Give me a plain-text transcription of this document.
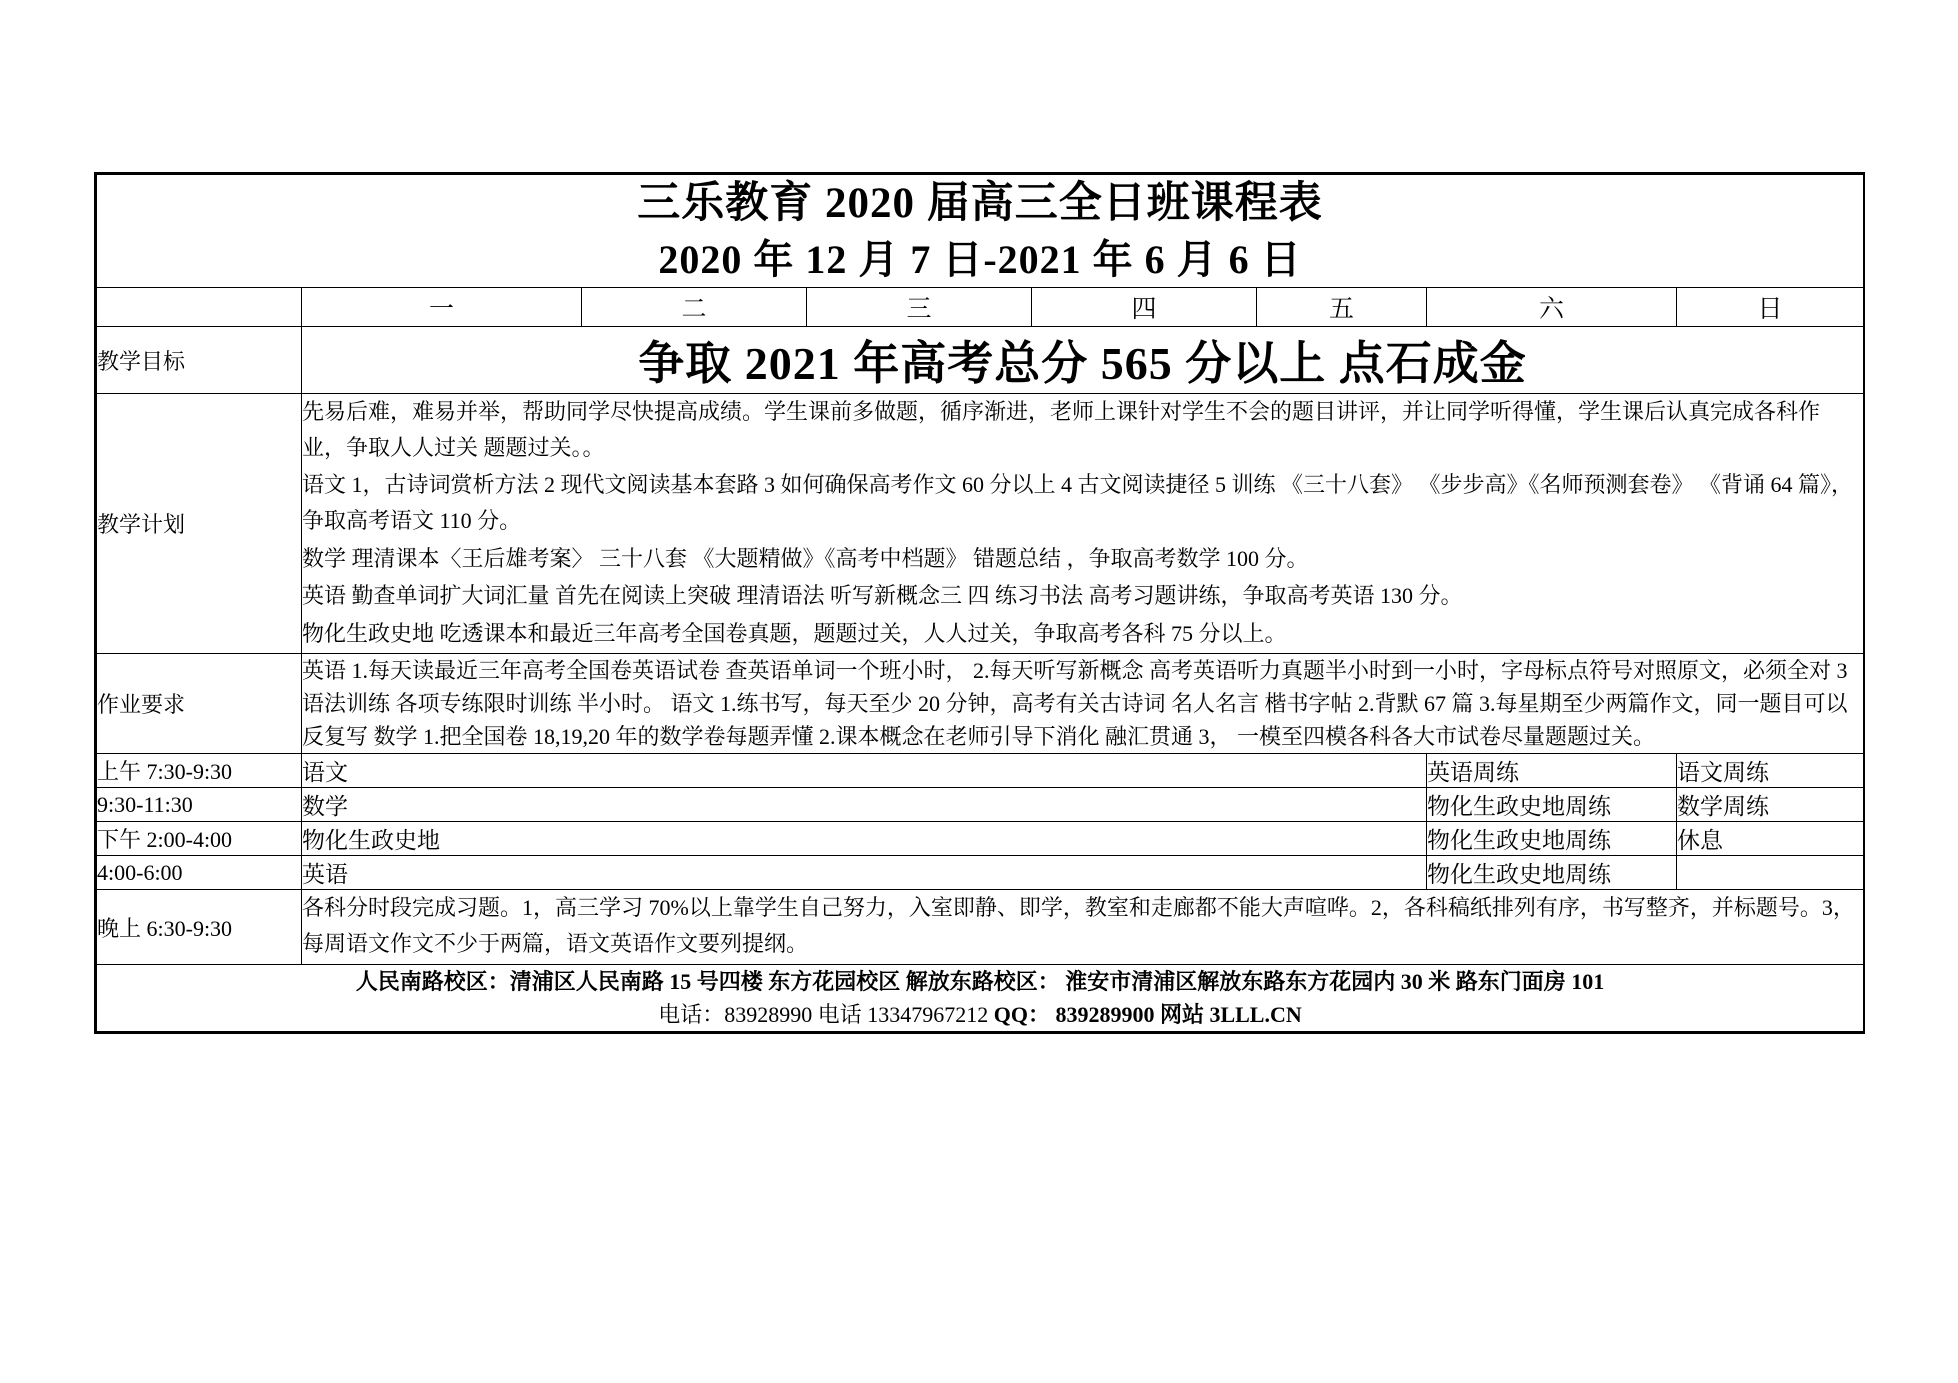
三乐教育 2020 届高三全日班课程表
2020 年 12 月 7 日-2021 年 6 月 6 日							

	一	二	三	四	五	六	日
教学目标	争取 2021 年高考总分 565 分以上 点石成金						

教学计划	先易后难，难易并举，帮助同学尽快提高成绩。学生课前多做题，循序渐进，老师上课针对学生不会的题目讲评，并让同学听得懂，学生课后认真完成各科作业，争取人人过关 题题过关。。

语文 1，古诗词赏析方法 2 现代文阅读基本套路 3 如何确保高考作文 60 分以上 4 古文阅读捷径 5 训练 《三十八套》 《步步高》《名师预测套卷》 《背诵 64 篇》，争取高考语文 110 分。

数学 理清课本〈王后雄考案〉 三十八套 《大题精做》《高考中档题》 错题总结 ，争取高考数学 100 分。

英语 勤查单词扩大词汇量 首先在阅读上突破 理清语法 听写新概念三 四 练习书法 高考习题讲练，争取高考英语 130 分。

物化生政史地 吃透课本和最近三年高考全国卷真题，题题过关，人人过关，争取高考各科 75 分以上。						

作业要求	英语 1.每天读最近三年高考全国卷英语试卷 查英语单词一个班小时， 2.每天听写新概念 高考英语听力真题半小时到一小时，字母标点符号对照原文，必须全对 3 语法训练 各项专练限时训练 半小时。 语文 1.练书写，每天至少 20 分钟，高考有关古诗词 名人名言 楷书字帖 2.背默 67 篇 3.每星期至少两篇作文，同一题目可以反复写 数学 1.把全国卷 18,19,20 年的数学卷每题弄懂 2.课本概念在老师引导下消化 融汇贯通 3， 一模至四模各科各大市试卷尽量题题过关。						

上午 7:30-9:30	语文					英语周练	语文周练
9:30-11:30	数学					物化生政史地周练	数学周练
下午 2:00-4:00	物化生政史地					物化生政史地周练	休息
4:00-6:00	英语					物化生政史地周练	
晚上 6:30-9:30	各科分时段完成习题。1，高三学习 70%以上靠学生自己努力，入室即静、即学，教室和走廊都不能大声喧哗。2，各科稿纸排列有序，书写整齐，并标题号。3，每周语文作文不少于两篇，语文英语作文要列提纲。						

人民南路校区：清浦区人民南路 15 号四楼 东方花园校区 解放东路校区： 淮安市清浦区解放东路东方花园内 30 米 路东门面房 101
电话：83928990 电话 13347967212 QQ： 839289900 网站 3LLL.CN							
